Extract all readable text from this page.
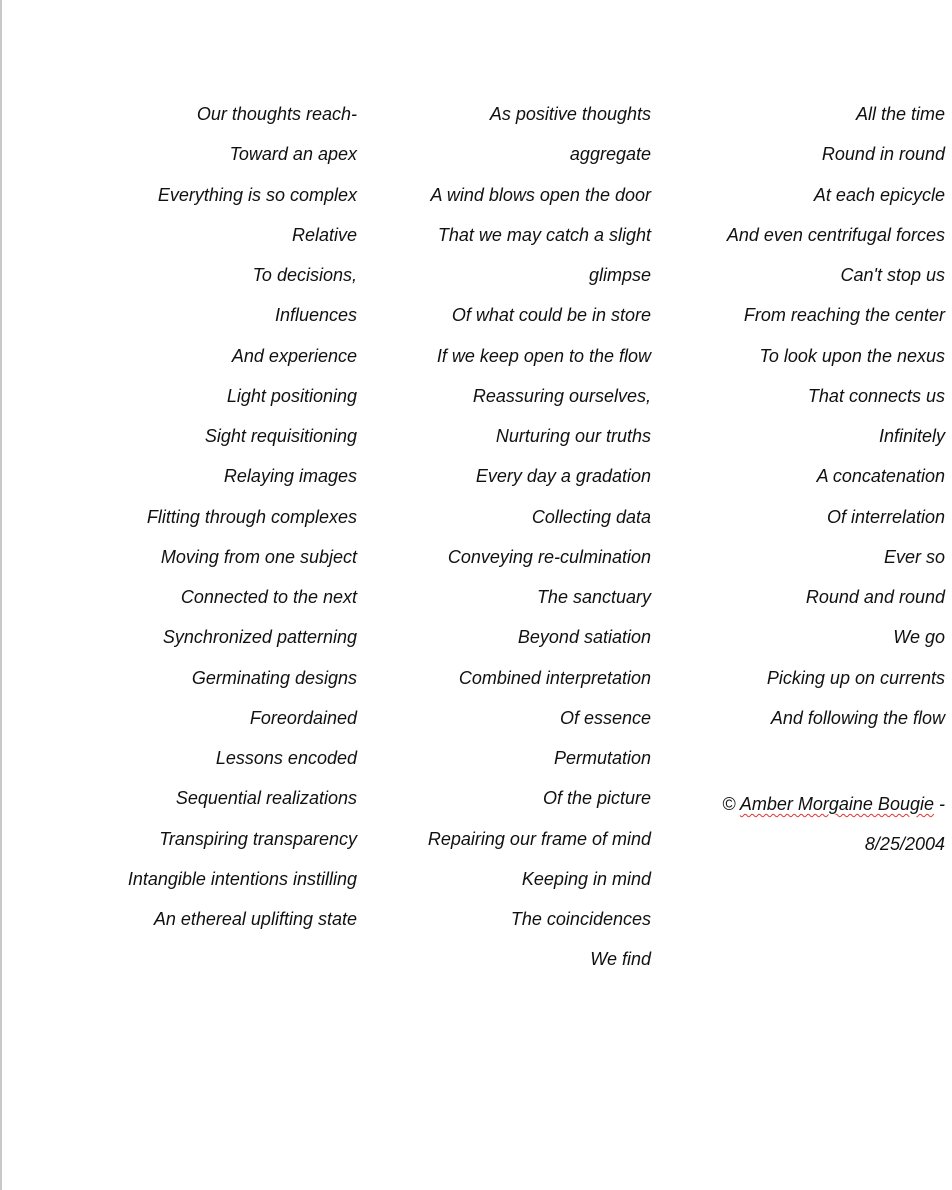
Our thoughts reach-
Toward an apex
Everything is so complex
Relative
To decisions,
Influences
And experience
Light positioning
Sight requisitioning
Relaying images
Flitting through complexes
Moving from one subject
Connected to the next
Synchronized patterning
Germinating designs
Foreordained
Lessons encoded
Sequential realizations
Transpiring transparency
Intangible intentions instilling
An ethereal uplifting state
As positive thoughts
aggregate
A wind blows open the door
That we may catch a slight
glimpse
Of what could be in store
If we keep open to the flow
Reassuring ourselves,
Nurturing our truths
Every day a gradation
Collecting data
Conveying re-culmination
The sanctuary
Beyond satiation
Combined interpretation
Of essence
Permutation
Of the picture
Repairing our frame of mind
Keeping in mind
The coincidences
We find
All the time
Round in round
At each epicycle
And even centrifugal forces
Can't stop us
From reaching the center
To look upon the nexus
That connects us
Infinitely
A concatenation
Of interrelation
Ever so
Round and round
We go
Picking up on currents
And following the flow
© Amber Morgaine Bougie -
8/25/2004
